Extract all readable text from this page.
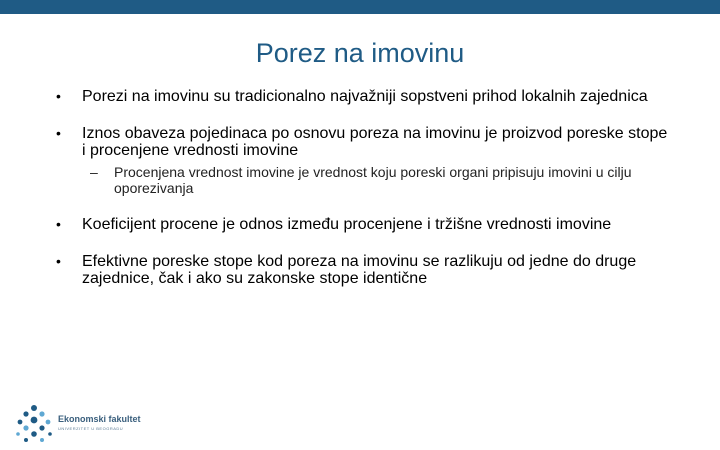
Porez na imovinu
• Porezi na imovinu su tradicionalno najvažniji sopstveni prihod lokalnih zajednica
• Iznos obaveza pojedinaca po osnovu poreza na imovinu je proizvod poreske stope i procenjene vrednosti imovine
– Procenjena vrednost imovine je vrednost koju poreski organi pripisuju imovini u cilju oporezivanja
• Koeficijent procene je odnos između procenjene i tržišne vrednosti imovine
• Efektivne poreske stope kod poreza na imovinu se razlikuju od jedne do druge zajednice, čak i ako su zakonske stope identične
Ekonomski fakultet
UNIVERZITET U BEOGRADU
